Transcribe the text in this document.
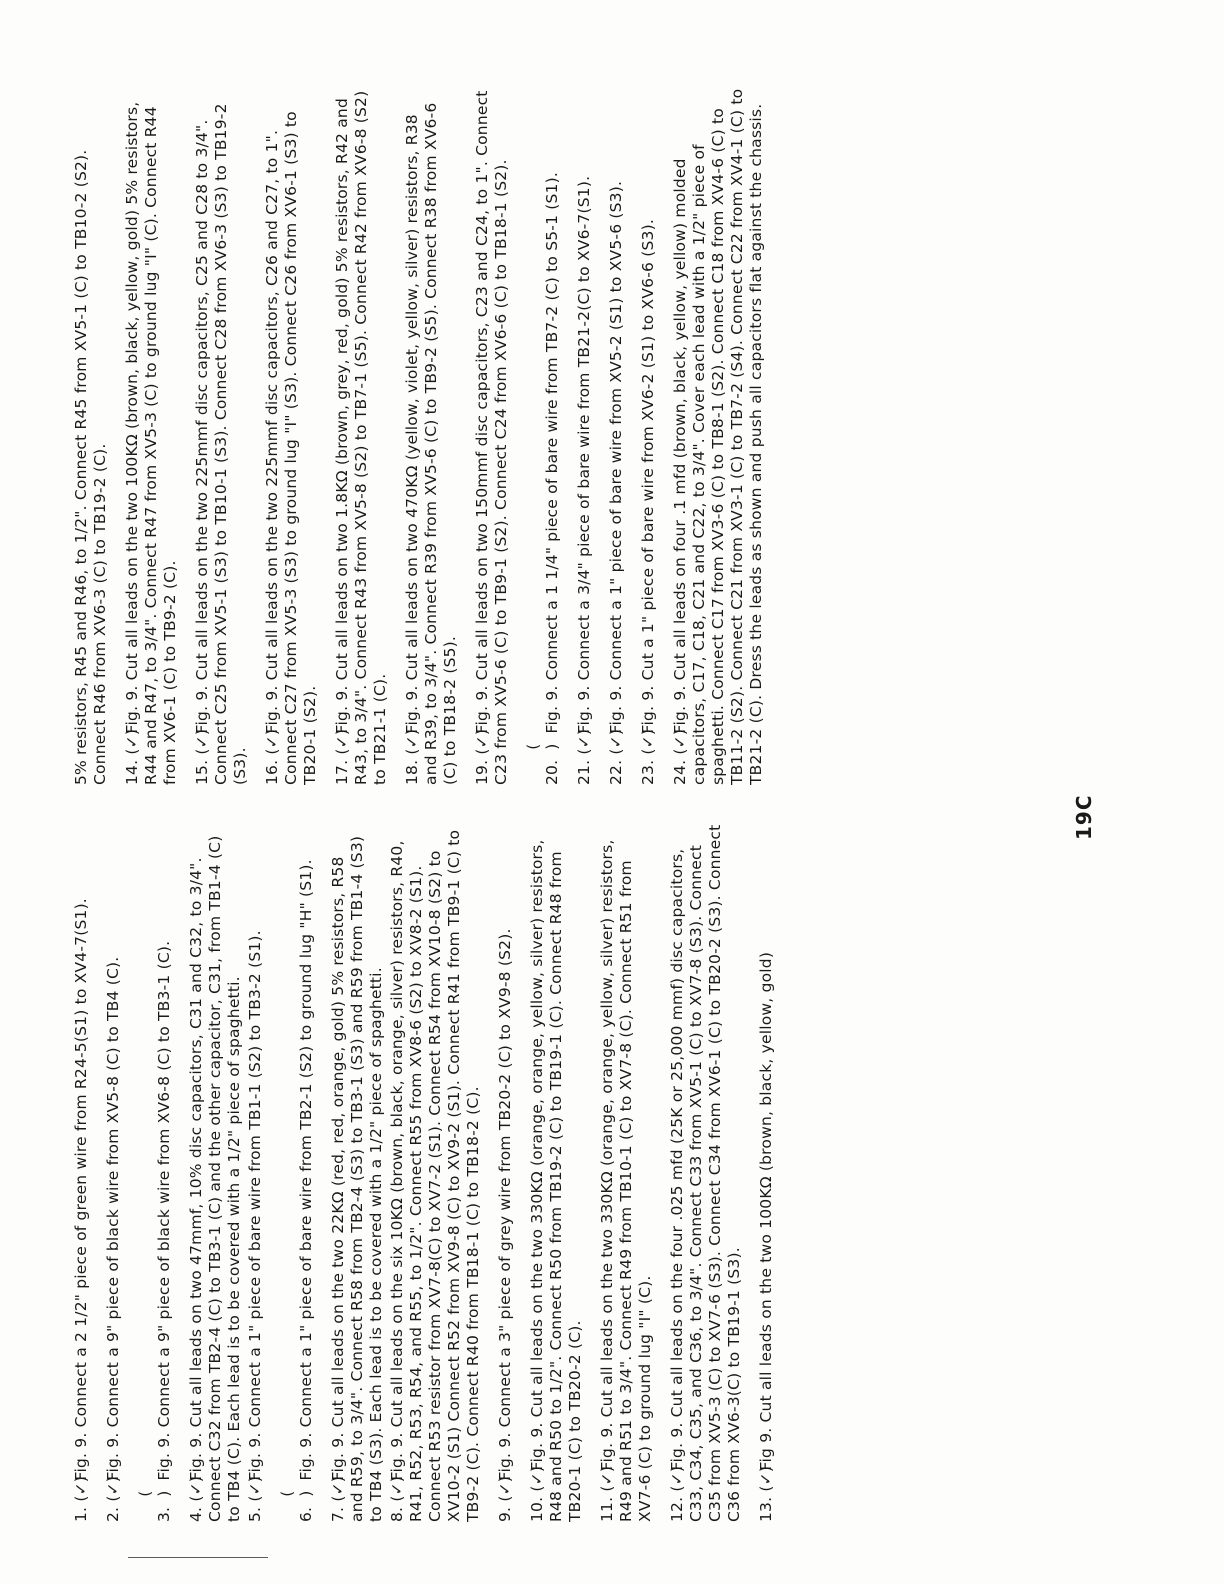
1. (✓) Fig. 9. Connect a 2 1/2" piece of green wire from R24-5(S1) to XV4-7(S1).

2. (✓) Fig. 9. Connect a 9" piece of black wire from XV5-8 (C) to TB4 (C).

3. ( ) Fig. 9. Connect a 9" piece of black wire from XV6-8 (C) to TB3-1 (C).

4. (✓) Fig. 9. Cut all leads on two 47mmf, 10% disc capacitors, C31 and C32, to 3/4". Connect C32 from TB2-4 (C) to TB3-1 (C) and the other capacitor, C31, from TB1-4 (C) to TB4 (C). Each lead is to be covered with a 1/2" piece of spaghetti. 5. (✓) Fig. 9. Connect a 1" piece of bare wire from TB1-1 (S2) to TB3-2 (S1).

6. ( ) Fig. 9. Connect a 1" piece of bare wire from TB2-1 (S2) to ground lug "H" (S1).

7. (✓) Fig. 9. Cut all leads on the two 22KΩ (red, red, orange, gold) 5% resistors, R58 and R59, to 3/4". Connect R58 from TB2-4 (S3) to TB3-1 (S3) and R59 from TB1-4 (S3) to TB4 (S3). Each lead is to be covered with a 1/2" piece of spaghetti. 8. (✓) Fig. 9. Cut all leads on the six 10KΩ (brown, black, orange, silver) resistors, R40, R41, R52, R53, R54, and R55, to 1/2". Connect R55 from XV8-6 (S2) to XV8-2 (S1). Connect R53 resistor from XV7-8(C) to XV7-2 (S1). Connect R54 from XV10-8 (S2) to XV10-2 (S1) Connect R52 from XV9-8 (C) to XV9-2 (S1). Connect R41 from TB9-1 (C) to TB9-2 (C). Connect R40 from TB18-1 (C) to TB18-2 (C). 9. (✓) Fig. 9. Connect a 3" piece of grey wire from TB20-2 (C) to XV9-8 (S2).

10. (✓) Fig. 9. Cut all leads on the two 330KΩ (orange, orange, yellow, silver) resistors, R48 and R50 to 1/2". Connect R50 from TB19-2 (C) to TB19-1 (C). Connect R48 from TB20-1 (C) to TB20-2 (C). 11. (✓) Fig. 9. Cut all leads on the two 330KΩ (orange, orange, yellow, silver) resistors, R49 and R51 to 3/4". Connect R49 from TB10-1 (C) to XV7-8 (C). Connect R51 from XV7-6 (C) to ground lug "I" (C). 12. (✓) Fig. 9. Cut all leads on the four .025 mfd (25K or 25,000 mmf) disc capacitors, C33, C34, C35, and C36, to 3/4". Connect C33 from XV5-1 (C) to XV7-8 (S3). Connect C35 from XV5-3 (C) to XV7-6 (S3). Connect C34 from XV6-1 (C) to TB20-2 (S3). Connect C36 from XV6-3(C) to TB19-1 (S3). 13. (✓) Fig 9. Cut all leads on the two 100KΩ (brown, black, yellow, gold)

19C

5% resistors, R45 and R46, to 1/2". Connect R45 from XV5-1 (C) to TB10-2 (S2). Connect R46 from XV6-3 (C) to TB19-2 (C). 14. (✓) Fig. 9. Cut all leads on the two 100KΩ (brown, black, yellow, gold) 5% resistors, R44 and R47, to 3/4". Connect R47 from XV5-3 (C) to ground lug "I" (C). Connect R44 from XV6-1 (C) to TB9-2 (C). 15. (✓) Fig. 9. Cut all leads on the two 225mmf disc capacitors, C25 and C28 to 3/4". Connect C25 from XV5-1 (S3) to TB10-1 (S3). Connect C28 from XV6-3 (S3) to TB19-2 (S3). 16. (✓) Fig. 9. Cut all leads on the two 225mmf disc capacitors, C26 and C27, to 1". Connect C27 from XV5-3 (S3) to ground lug "I" (S3). Connect C26 from XV6-1 (S3) to TB20-1 (S2). 17. (✓) Fig. 9. Cut all leads on two 1.8KΩ (brown, grey, red, gold) 5% resistors, R42 and R43, to 3/4". Connect R43 from XV5-8 (S2) to TB7-1 (S5). Connect R42 from XV6-8 (S2) to TB21-1 (C). 18. (✓) Fig. 9. Cut all leads on two 470KΩ (yellow, violet, yellow, silver) resistors, R38 and R39, to 3/4". Connect R39 from XV5-6 (C) to TB9-2 (S5). Connect R38 from XV6-6 (C) to TB18-2 (S5). 19. (✓) Fig. 9. Cut all leads on two 150mmf disc capacitors, C23 and C24, to 1". Connect C23 from XV5-6 (C) to TB9-1 (S2). Connect C24 from XV6-6 (C) to TB18-1 (S2).	20. ( ) Fig. 9. Connect a 1 1/4" piece of bare wire from TB7-2 (C) to S5-1 (S1).

21. (✓) Fig. 9. Connect a 3/4" piece of bare wire from TB21-2(C) to XV6-7(S1).

22. (✓) Fig. 9. Connect a 1" piece of bare wire from XV5-2 (S1) to XV5-6 (S3).

23. (✓) Fig. 9. Cut a 1" piece of bare wire from XV6-2 (S1) to XV6-6 (S3).

24. (✓) Fig. 9. Cut all leads on four .1 mfd (brown, black, yellow, yellow) molded capacitors, C17, C18, C21 and C22, to 3/4". Cover each lead with a 1/2" piece of spaghetti. Connect C17 from XV3-6 (C) to TB8-1 (S2). Connect C18 from XV4-6 (C) to TB11-2 (S2). Connect C21 from XV3-1 (C) to TB7-2 (S4). Connect C22 from XV4-1 (C) to TB21-2 (C). Dress the leads as shown and push all capacitors flat against the chassis.
